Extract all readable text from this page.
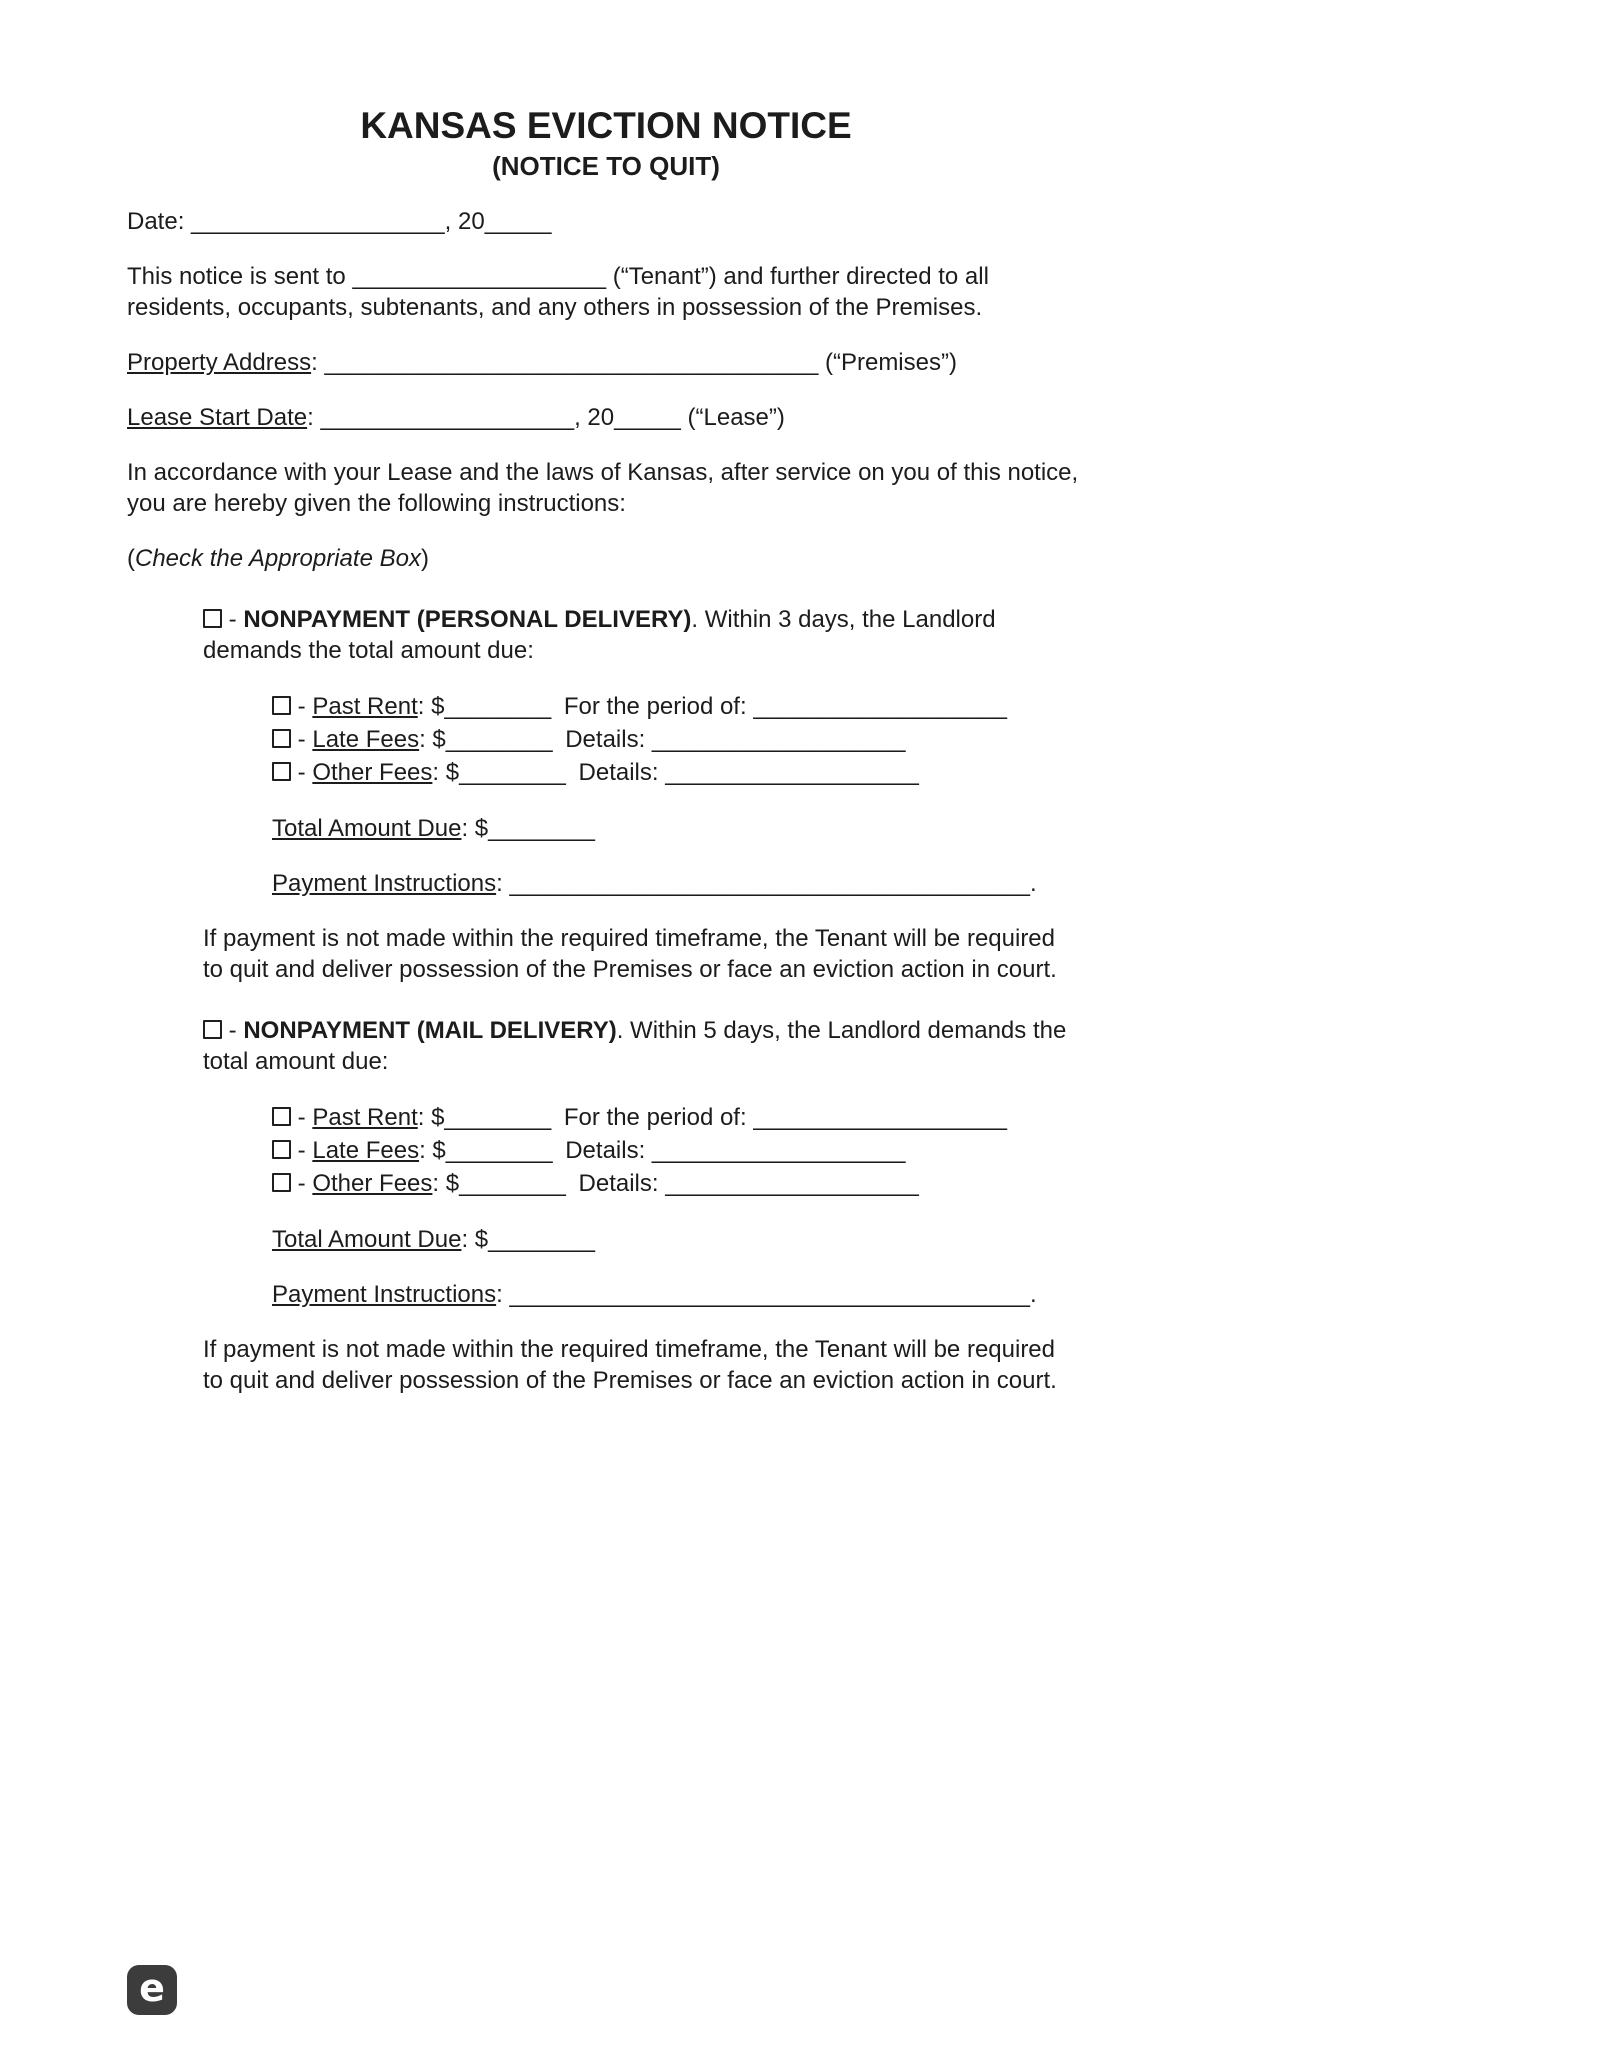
KANSAS EVICTION NOTICE
(NOTICE TO QUIT)
Date: ___________________, 20_____
This notice is sent to ___________________ (“Tenant”) and further directed to all residents, occupants, subtenants, and any others in possession of the Premises.
Property Address: _____________________________________ (“Premises”)
Lease Start Date: ___________________, 20_____ (“Lease”)
In accordance with your Lease and the laws of Kansas, after service on you of this notice, you are hereby given the following instructions:
(Check the Appropriate Box)
- NONPAYMENT (PERSONAL DELIVERY). Within 3 days, the Landlord demands the total amount due:
- Past Rent: $________ For the period of: ___________________
- Late Fees: $________ Details: ___________________
- Other Fees: $________ Details: ___________________
Total Amount Due: $________
Payment Instructions: _______________________________________.
If payment is not made within the required timeframe, the Tenant will be required to quit and deliver possession of the Premises or face an eviction action in court.
- NONPAYMENT (MAIL DELIVERY). Within 5 days, the Landlord demands the total amount due:
- Past Rent: $________ For the period of: ___________________
- Late Fees: $________ Details: ___________________
- Other Fees: $________ Details: ___________________
Total Amount Due: $________
Payment Instructions: _______________________________________.
If payment is not made within the required timeframe, the Tenant will be required to quit and deliver possession of the Premises or face an eviction action in court.
e
